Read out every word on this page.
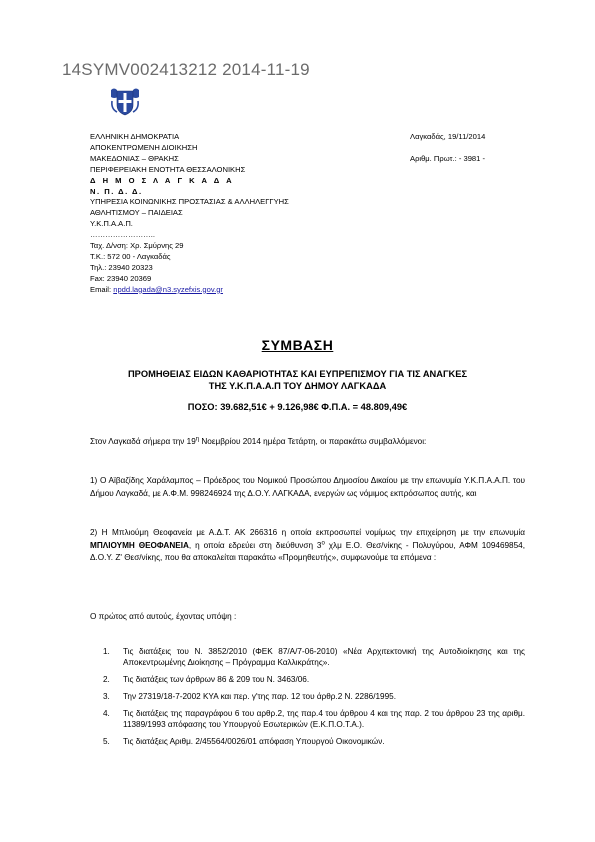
14SYMV002413212 2014-11-19
ΕΛΛΗΝΙΚΗ ΔΗΜΟΚΡΑΤΙΑ
ΑΠΟΚΕΝΤΡΩΜΕΝΗ ΔΙΟΙΚΗΣΗ
ΜΑΚΕΔΟΝΙΑΣ – ΘΡΑΚΗΣ
ΠΕΡΙΦΕΡΕΙΑΚΗ ΕΝΟΤΗΤΑ ΘΕΣΣΑΛΟΝΙΚΗΣ
Δ Η Μ Ο Σ Λ Α Γ Κ Α Δ Α
Ν. Π. Δ. Δ.
ΥΠΗΡΕΣΙΑ ΚΟΙΝΩΝΙΚΗΣ ΠΡΟΣΤΑΣΙΑΣ & ΑΛΛΗΛΕΓΓΥΗΣ
ΑΘΛΗΤΙΣΜΟΥ – ΠΑΙΔΕΙΑΣ
Υ.Κ.Π.Α.Α.Π.
……………………..
Ταχ. Δ/νση: Χρ. Σμύρνης 29
Τ.Κ.: 572 00 - Λαγκαδάς
Τηλ.: 23940 20323
Fax: 23940 20369
Email: npdd.lagada@n3.syzefxis.gov.gr
Λαγκαδάς, 19/11/2014
Αριθμ. Πρωτ.: - 3981 -
ΣΥΜΒΑΣΗ
ΠΡΟΜΗΘΕΙΑΣ ΕΙΔΩΝ ΚΑΘΑΡΙΟΤΗΤΑΣ ΚΑΙ ΕΥΠΡΕΠΙΣΜΟΥ ΓΙΑ ΤΙΣ ΑΝΑΓΚΕΣ ΤΗΣ Υ.Κ.Π.Α.Α.Π ΤΟΥ ΔΗΜΟΥ ΛΑΓΚΑΔΑ
ΠΟΣΟ: 39.682,51€ + 9.126,98€ Φ.Π.Α. = 48.809,49€
Στον Λαγκαδά σήμερα την $19^\eta$ Νοεμβρίου 2014 ημέρα Τετάρτη, οι παρακάτω συμβαλλόμενοι:
1) Ο Αϊβαζίδης Χαράλαμπος – Πρόεδρος του Νομικού Προσώπου Δημοσίου Δικαίου με την επωνυμία Υ.Κ.Π.Α.Α.Π. του Δήμου Λαγκαδά, με Α.Φ.Μ. 998246924 της Δ.Ο.Υ. ΛΑΓΚΑΔΑ, ενεργών ως νόμιμος εκπρόσωπος αυτής, και
2) Η Μπλιούμη Θεοφανεία με Α.Δ.Τ. ΑΚ 266316 η οποία εκπροσωπεί νομίμως την επιχείρηση με την επωνυμία ΜΠΛΙΟΥΜΗ ΘΕΟΦΑΝΕΙΑ, η οποία εδρεύει στη διεύθυνση $3^o$ χλμ Ε.Ο. Θεσ/νίκης - Πολυγύρου, ΑΦΜ 109469854, Δ.Ο.Υ. Ζ' Θεσ/νίκης, που θα αποκαλείται παρακάτω «Προμηθευτής», συμφωνούμε τα επόμενα :
Ο πρώτος από αυτούς, έχοντας υπόψη :
1.	Τις διατάξεις του Ν. 3852/2010 (ΦΕΚ 87/Α/7-06-2010) «Νέα Αρχιτεκτονική της Αυτοδιοίκησης και της Αποκεντρωμένης Διοίκησης – Πρόγραμμα Καλλικράτης».
2.	Τις διατάξεις των άρθρων 86 & 209 του Ν. 3463/06.
3.	Την 27319/18-7-2002 ΚΥΑ και περ. γ'της παρ. 12 του άρθρ.2 Ν. 2286/1995.
4.	Τις διατάξεις της παραγράφου 6 του αρθρ.2, της παρ.4 του άρθρου 4 και της παρ. 2 του άρθρου 23 της αριθμ. 11389/1993 απόφασης του Υπουργού Εσωτερικών (Ε.Κ.Π.Ο.Τ.Α.).
5.	Τις διατάξεις Αριθμ. 2/45564/0026/01 απόφαση Υπουργού Οικονομικών.
